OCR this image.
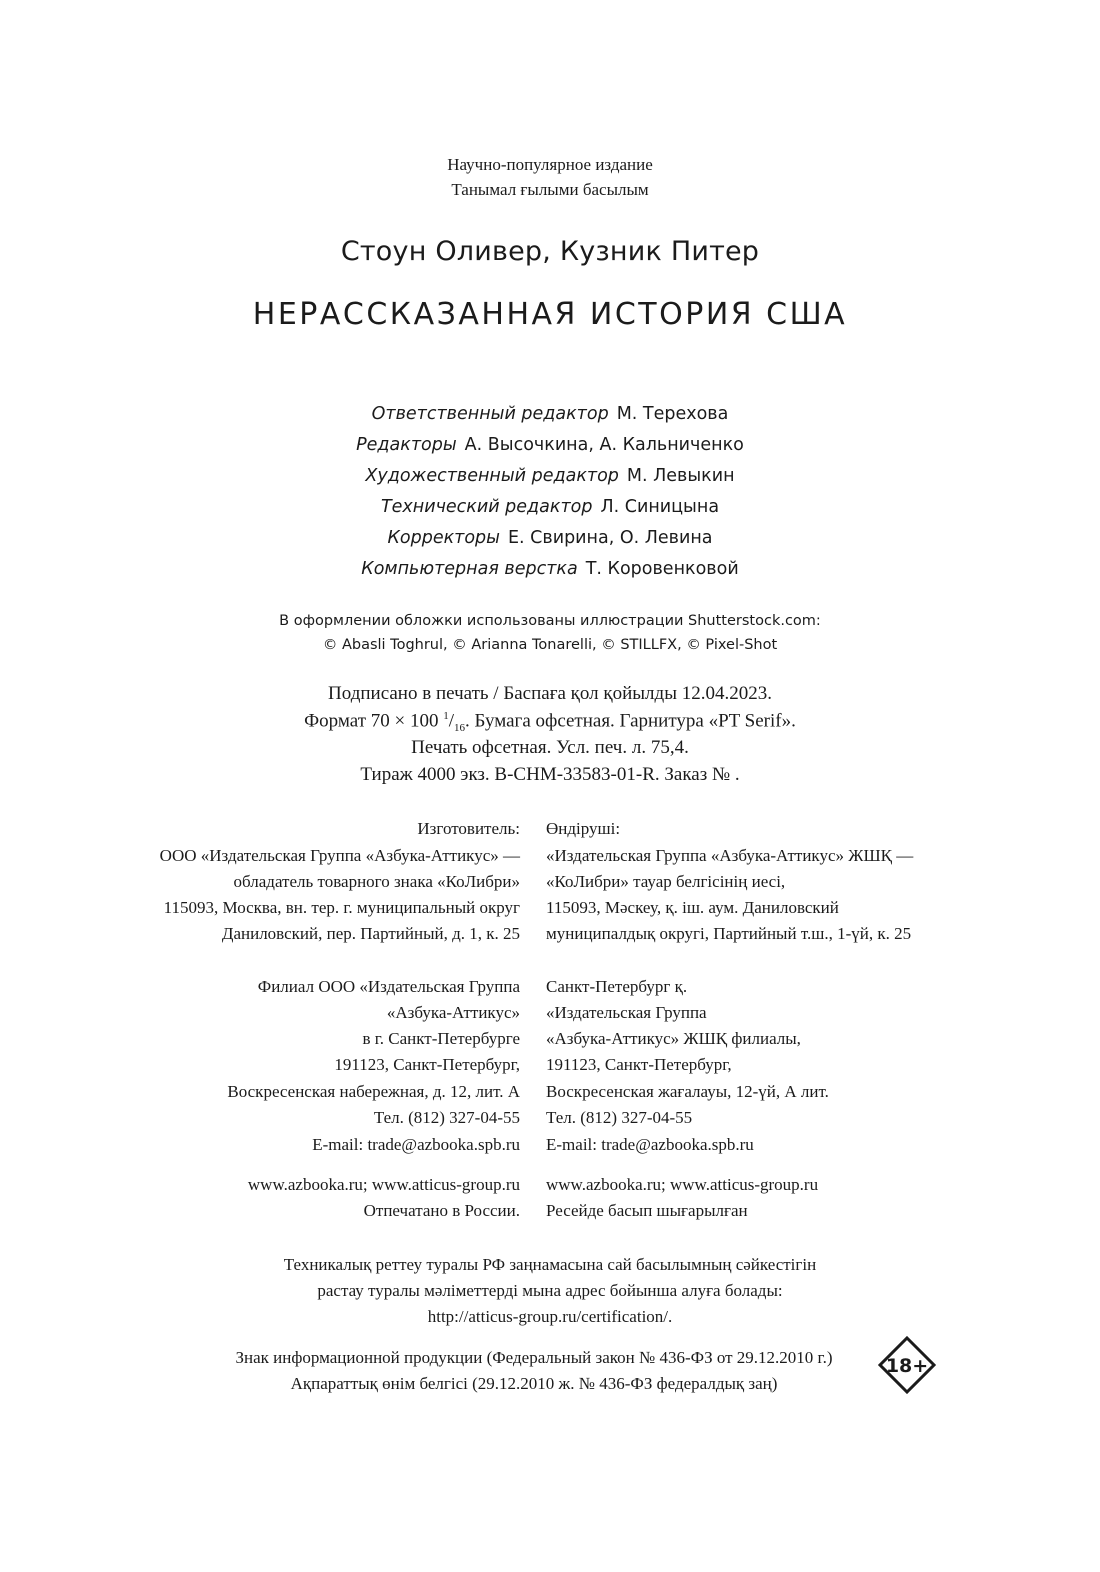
Научно-популярное издание
Танымал ғылыми басылым
Стоун Оливер, Кузник Питер
НЕРАССКАЗАННАЯ ИСТОРИЯ США
Ответственный редактор М. Терехова
Редакторы А. Высочкина, А. Кальниченко
Художественный редактор М. Левыкин
Технический редактор Л. Синицына
Корректоры Е. Свирина, О. Левина
Компьютерная верстка Т. Коровенковой
В оформлении обложки использованы иллюстрации Shutterstock.com:
© Abasli Toghrul, © Arianna Tonarelli, © STILLFX, © Pixel-Shot
Подписано в печать / Баспаға қол қойылды 12.04.2023.
Формат 70 × 100 $^1/_{16}$. Бумага офсетная. Гарнитура «PT Serif».
Печать офсетная. Усл. печ. л. 75,4.
Тираж 4000 экз. В-СНМ-33583-01-R. Заказ № .
Изготовитель:
ООО «Издательская Группа «Азбука-Аттикус» —
обладатель товарного знака «КоЛибри»
115093, Москва, вн. тер. г. муниципальный округ
Даниловский, пер. Партийный, д. 1, к. 25
Өндіруші:
«Издательская Группа «Азбука-Аттикус» ЖШҚ —
«КоЛибри» тауар белгісінің иесі,
115093, Мәскеу, қ. іш. аум. Даниловский
муниципалдық округі, Партийный т.ш., 1-үй, к. 25
Филиал ООО «Издательская Группа
«Азбука-Аттикус»
в г. Санкт-Петербурге
191123, Санкт-Петербург,
Воскресенская набережная, д. 12, лит. А
Тел. (812) 327-04-55
E-mail: trade@azbooka.spb.ru
Санкт-Петербург қ.
«Издательская Группа
«Азбука-Аттикус» ЖШҚ филиалы,
191123, Санкт-Петербург,
Воскресенская жағалауы, 12-үй, А лит.
Тел. (812) 327-04-55
E-mail: trade@azbooka.spb.ru
www.azbooka.ru; www.atticus-group.ru
Отпечатано в России.
www.azbooka.ru; www.atticus-group.ru
Ресейде басып шығарылған
Техникалық реттеу туралы РФ заңнамасына сай басылымның сәйкестігін
растау туралы мәліметтерді мына адрес бойынша алуға болады:
http://atticus-group.ru/certification/.
Знак информационной продукции (Федеральный закон № 436-ФЗ от 29.12.2010 г.)
Ақпараттық өнім белгісі (29.12.2010 ж. № 436-ФЗ федералдық заң)
18+
